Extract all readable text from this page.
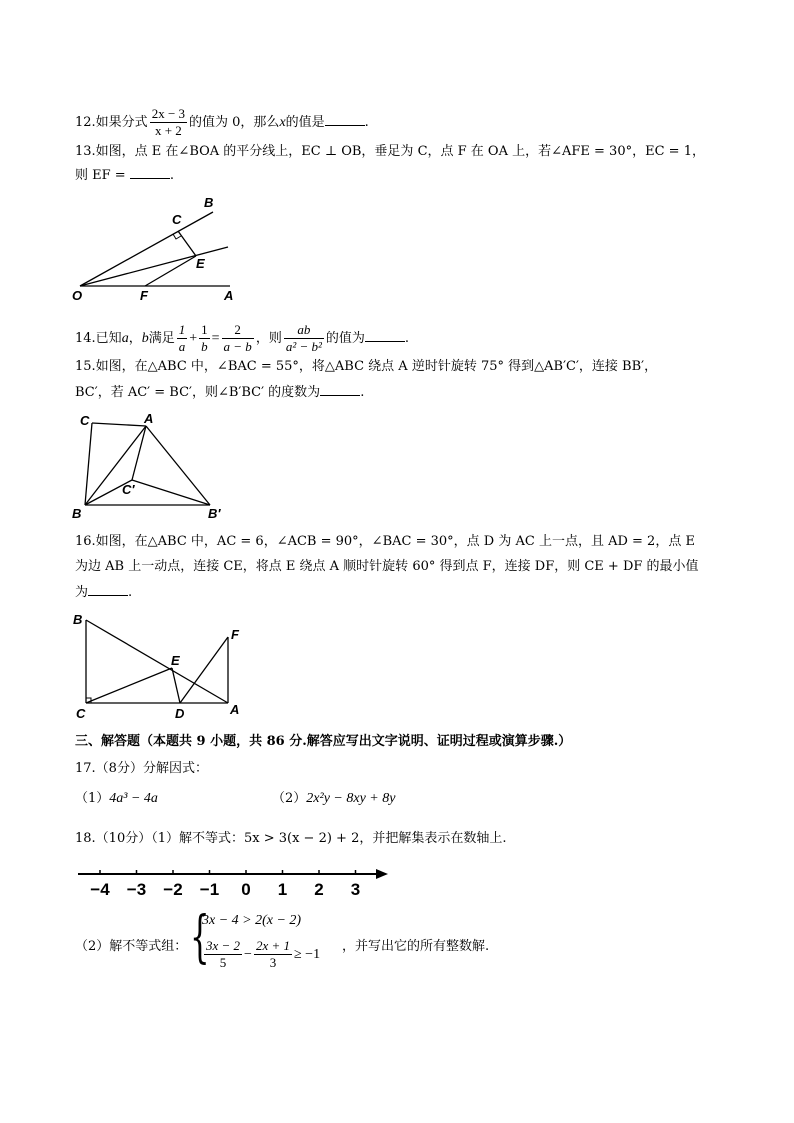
12.如果分式 $\frac{2x - 3}{x + 2}$ 的值为 0，那么x的值是	.
13.如图，点 E 在∠BOA 的平分线上，EC ⊥ OB，垂足为 C，点 F 在 OA 上，若∠AFE = 30°，EC = 1，
则 EF =	.
O	F	A
B
C
E
14.已知a，b满足 $\frac{1}{a} + \frac{1}{b} = \frac{2}{a - b}$ ，则 $\frac{ab}{\text{a² − b²}}$ 的值为	.
15.如图，在△ABC 中，∠BAC = 55°，将△ABC 绕点 A 逆时针旋转 75° 得到△AB′C′，连接 BB′，
BC′，若 AC′ = BC′，则∠B′BC′ 的度数为	.
C	A
C′
B	B′
16.如图，在△ABC 中，AC = 6，∠ACB = 90°，∠BAC = 30°，点 D 为 AC 上一点，且 AD = 2，点 E
为边 AB 上一动点，连接 CE，将点 E 绕点 A 顺时针旋转 60° 得到点 F，连接 DF，则 CE + DF 的最小值
为	.
B
F
E
C	D	A
三、解答题（本题共 9 小题，共 86 分.解答应写出文字说明、证明过程或演算步骤.）
17.（8分）分解因式：
（1）4a³ − 4a	（2）2x²y − 8xy + 8y
18.（10分）（1）解不等式：5x > 3(x − 2) + 2，并把解集表示在数轴上.
−4 −3 −2 −1 0 1 2 3
（2）解不等式组： {
3x − 4 > 2(x − 2)
$\frac{3x - 2}{5} - \frac{2x + 1}{3} \ge -1$
，并写出它的所有整数解.
